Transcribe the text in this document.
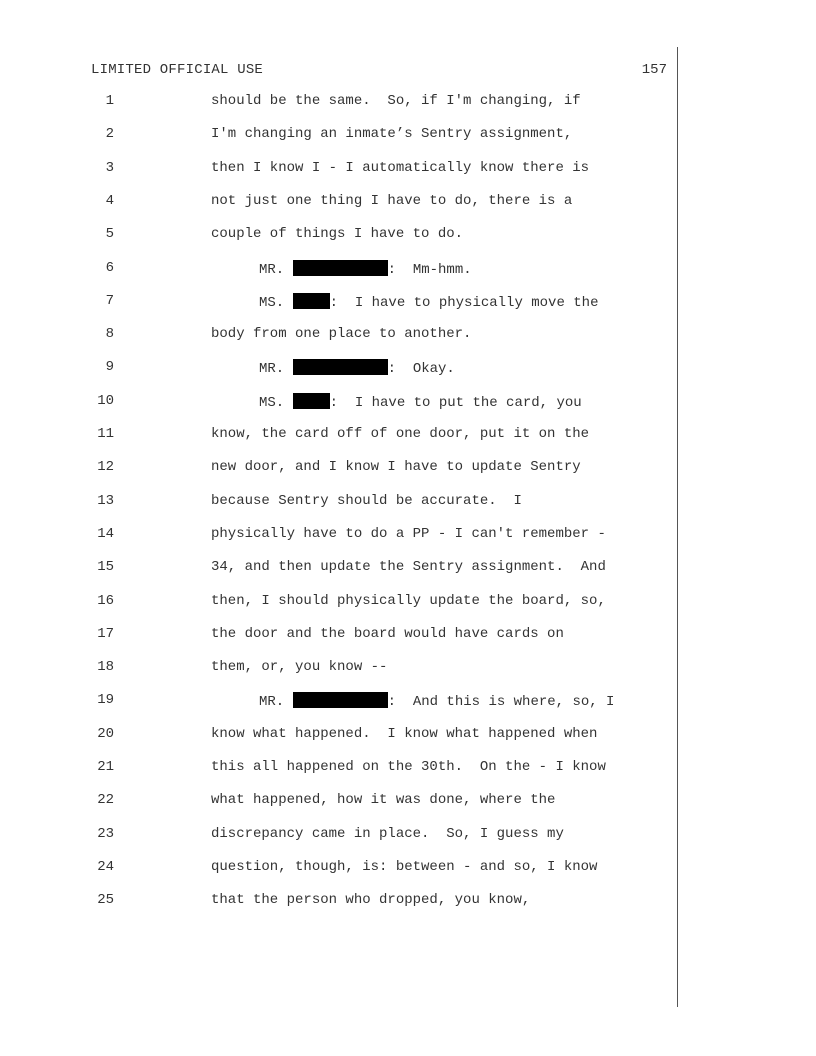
LIMITED OFFICIAL USE	157
1	should be the same.  So, if I'm changing, if
2	I'm changing an inmate’s Sentry assignment,
3	then I know I - I automatically know there is
4	not just one thing I have to do, there is a
5	couple of things I have to do.
6	MR.	:  Mm-hmm.
7	MS.	:  I have to physically move the
8	body from one place to another.
9	MR.	:  Okay.
10	MS.	:  I have to put the card, you
11	know, the card off of one door, put it on the
12	new door, and I know I have to update Sentry
13	because Sentry should be accurate.  I
14	physically have to do a PP - I can't remember -
15	34, and then update the Sentry assignment.  And
16	then, I should physically update the board, so,
17	the door and the board would have cards on
18	them, or, you know --
19	MR.	:  And this is where, so, I
20	know what happened.  I know what happened when
21	this all happened on the 30th.  On the - I know
22	what happened, how it was done, where the
23	discrepancy came in place.  So, I guess my
24	question, though, is: between - and so, I know
25	that the person who dropped, you know,
